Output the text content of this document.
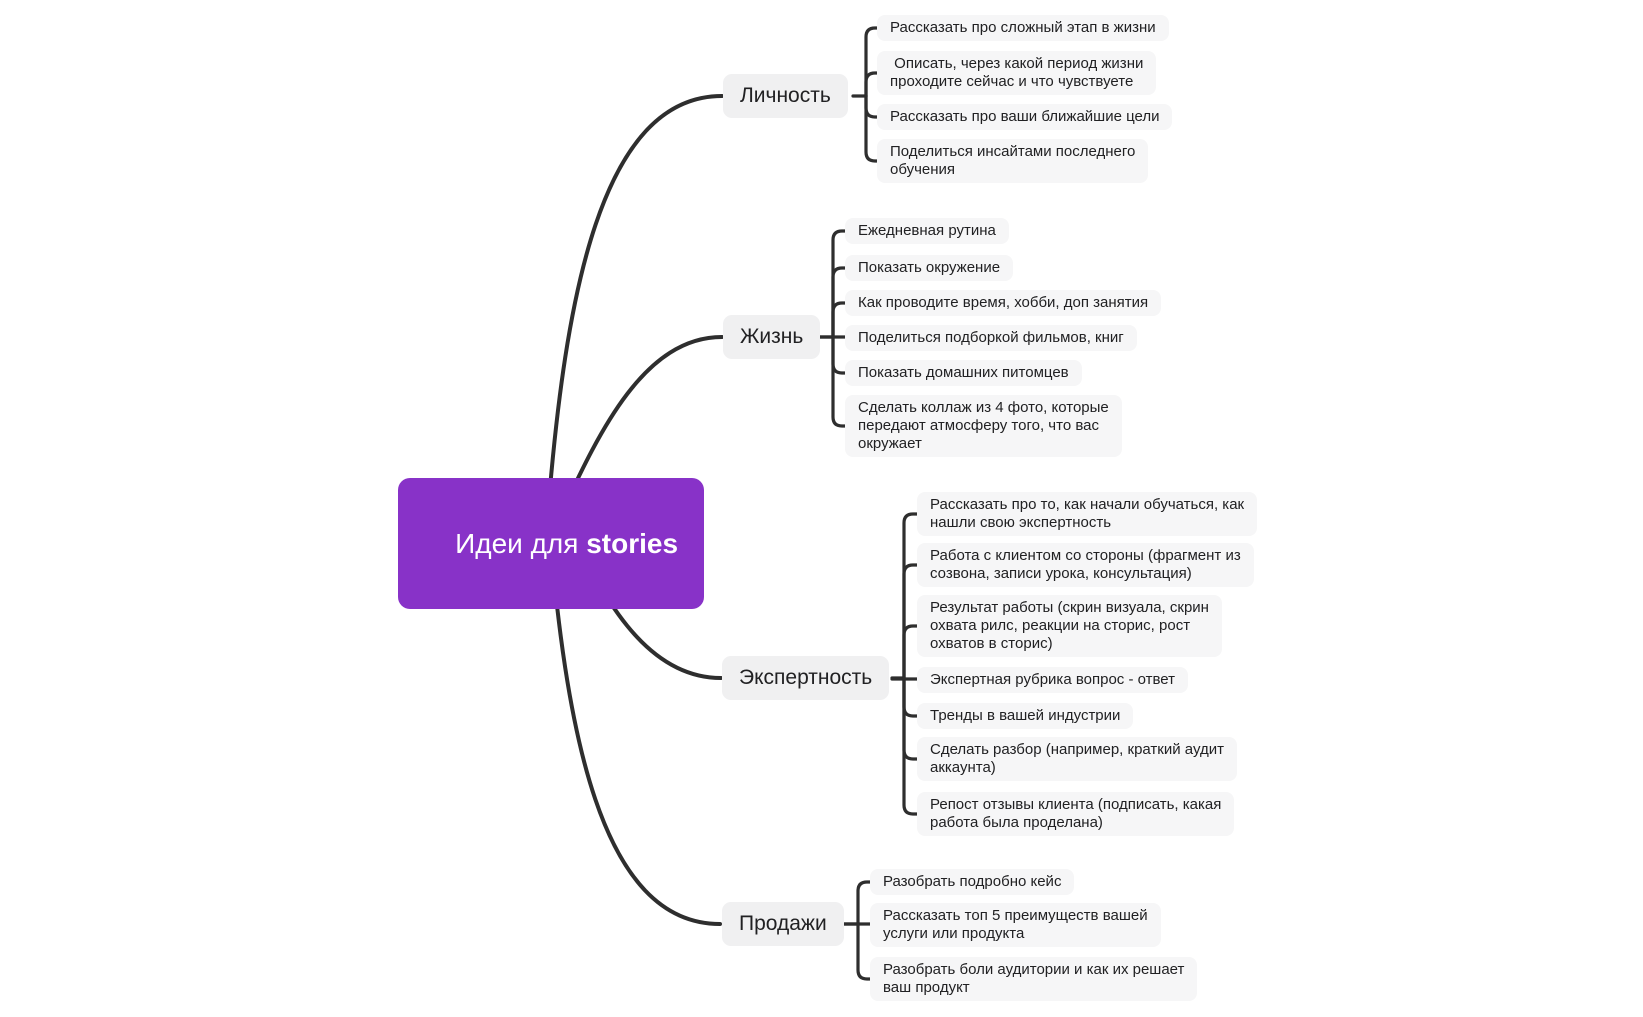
Идеи для stories

Личность
Жизнь
Экспертность
Продажи
Рассказать про сложный этап в жизни
Описать, через какой период жизни
проходите сейчас и что чувствуете
Рассказать про ваши ближайшие цели
Поделиться инсайтами последнего
обучения
Ежедневная рутина
Показать окружение
Как проводите время, хобби, доп занятия
Поделиться подборкой фильмов, книг
Показать домашних питомцев
Сделать коллаж из 4 фото, которые
передают атмосферу того, что вас
окружает
Рассказать про то, как начали обучаться, как
нашли свою экспертность
Работа с клиентом со стороны (фрагмент из
созвона, записи урока, консультация)
Результат работы (скрин визуала, скрин
охвата рилс, реакции на сторис, рост
охватов в сторис)
Экспертная рубрика вопрос - ответ
Тренды в вашей индустрии
Сделать разбор (например, краткий аудит
аккаунта)
Репост отзывы клиента (подписать, какая
работа была проделана)
Разобрать подробно кейс
Рассказать топ 5 преимуществ вашей
услуги или продукта
Разобрать боли аудитории и как их решает
ваш продукт
